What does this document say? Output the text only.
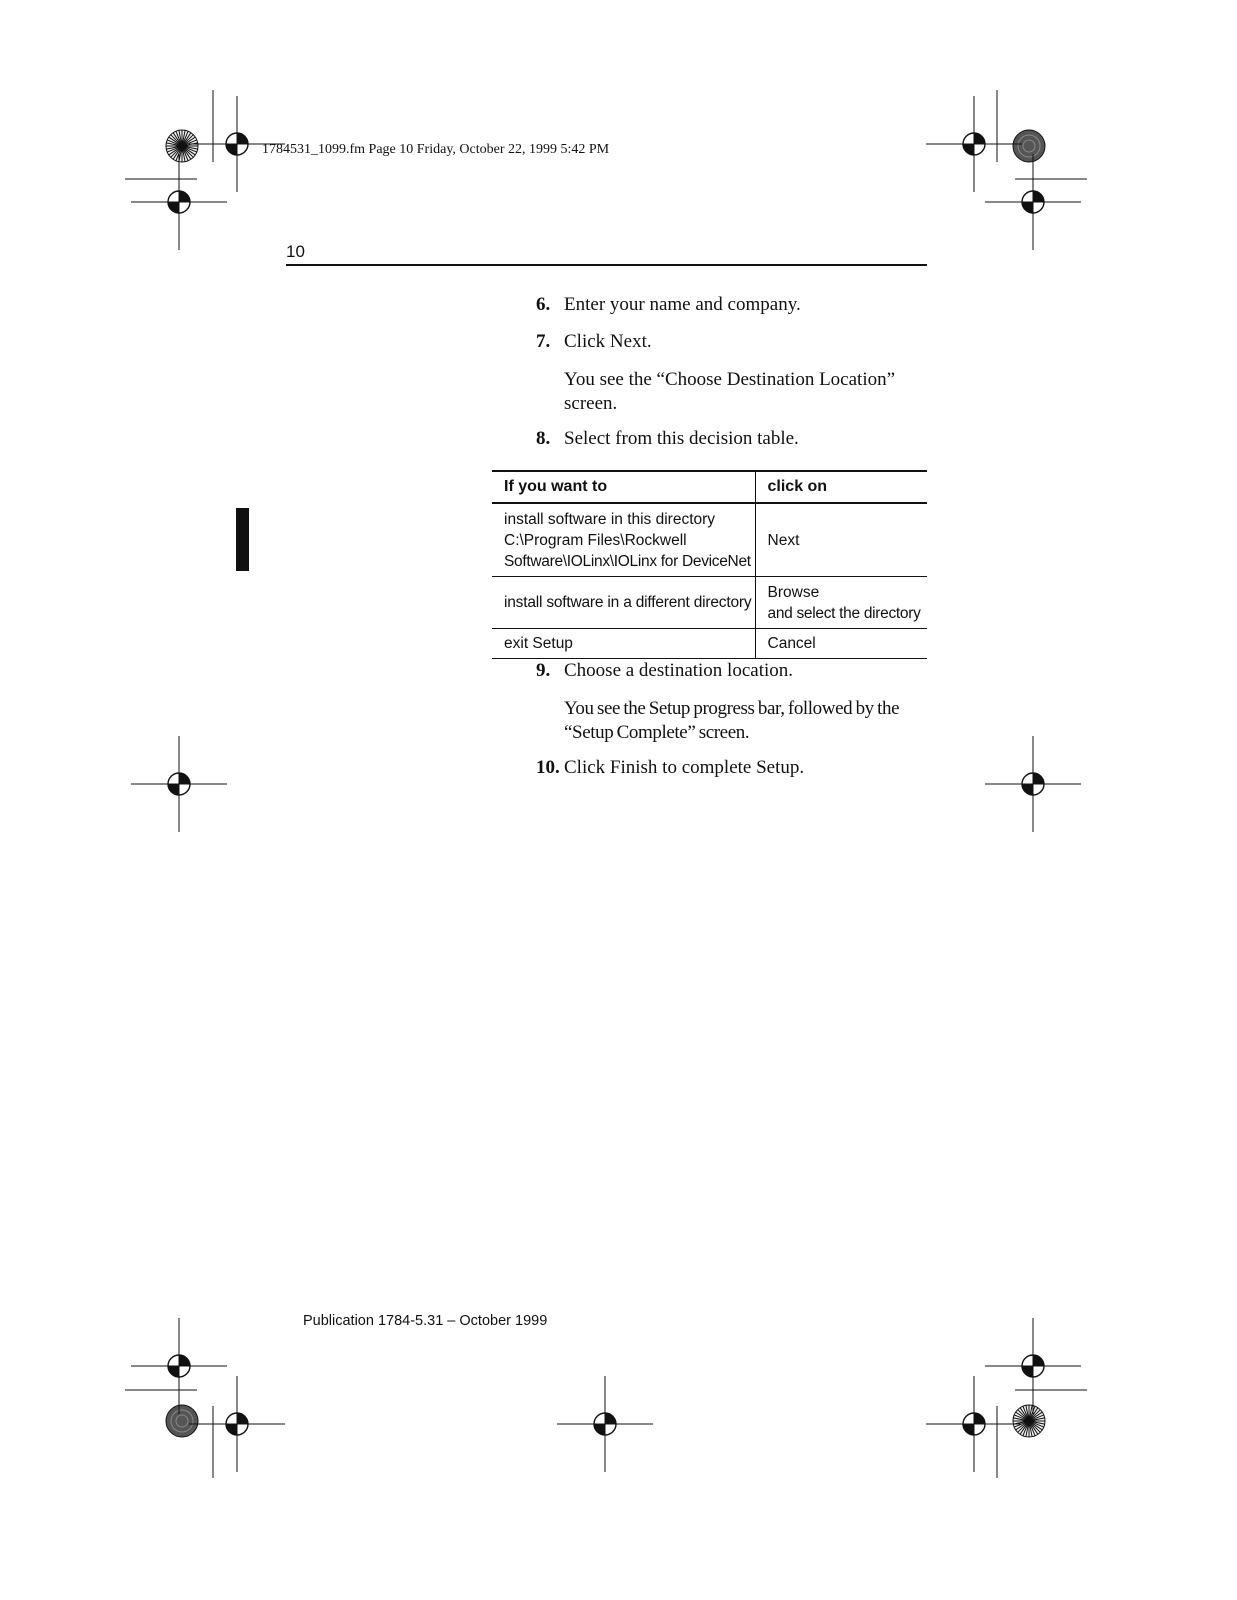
1784531_1099.fm Page 10 Friday, October 22, 1999 5:42 PM
10
6. Enter your name and company.
7. Click Next.
You see the “Choose Destination Location”
screen.
8. Select from this decision table.
If you want to	click on

install software in this directory
C:\Program Files\Rockwell
Software\IOLinx\IOLinx for DeviceNet	Next

install software in a different directory	Browse
and select the directory

exit Setup	Cancel
9. Choose a destination location.
You see the Setup progress bar, followed by the
“Setup Complete” screen.
10. Click Finish to complete Setup.
Publication 1784-5.31 – October 1999
